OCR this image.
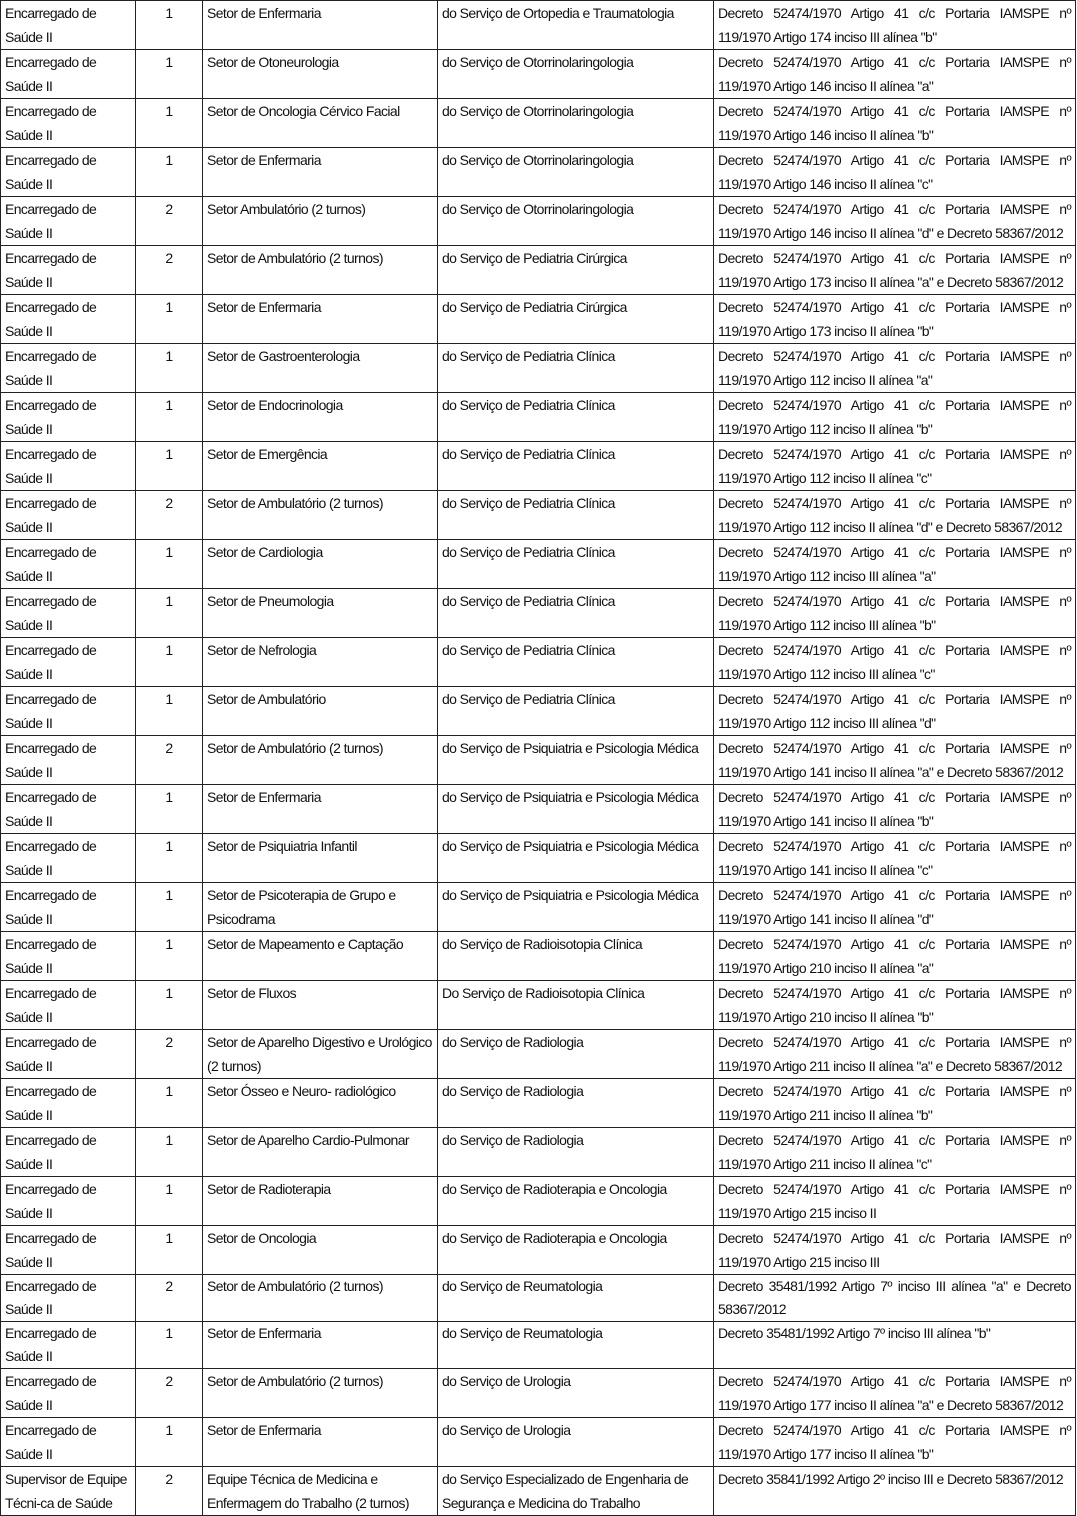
Encarregado de Saúde II	1	Setor de Enfermaria	do Serviço de Ortopedia e Traumatologia	Decreto 52474/1970 Artigo 41 c/c Portaria IAMSPE nº 119/1970 Artigo 174 inciso III alínea "b"
Encarregado de Saúde II	1	Setor de Otoneurologia	do Serviço de Otorrinolaringologia	Decreto 52474/1970 Artigo 41 c/c Portaria IAMSPE nº 119/1970 Artigo 146 inciso II alínea "a"
Encarregado de Saúde II	1	Setor de Oncologia Cérvico Facial	do Serviço de Otorrinolaringologia	Decreto 52474/1970 Artigo 41 c/c Portaria IAMSPE nº 119/1970 Artigo 146 inciso II alínea "b"
Encarregado de Saúde II	1	Setor de Enfermaria	do Serviço de Otorrinolaringologia	Decreto 52474/1970 Artigo 41 c/c Portaria IAMSPE nº 119/1970 Artigo 146 inciso II alínea "c"
Encarregado de Saúde II	2	Setor Ambulatório (2 turnos)	do Serviço de Otorrinolaringologia	Decreto 52474/1970 Artigo 41 c/c Portaria IAMSPE nº 119/1970 Artigo 146 inciso II alínea "d" e Decreto 58367/2012
Encarregado de Saúde II	2	Setor de Ambulatório (2 turnos)	do Serviço de Pediatria Cirúrgica	Decreto 52474/1970 Artigo 41 c/c Portaria IAMSPE nº 119/1970 Artigo 173 inciso II alínea "a" e Decreto 58367/2012
Encarregado de Saúde II	1	Setor de Enfermaria	do Serviço de Pediatria Cirúrgica	Decreto 52474/1970 Artigo 41 c/c Portaria IAMSPE nº 119/1970 Artigo 173 inciso II alínea "b"
Encarregado de Saúde II	1	Setor de Gastroenterologia	do Serviço de Pediatria Clínica	Decreto 52474/1970 Artigo 41 c/c Portaria IAMSPE nº 119/1970 Artigo 112 inciso II alínea "a"
Encarregado de Saúde II	1	Setor de Endocrinologia	do Serviço de Pediatria Clínica	Decreto 52474/1970 Artigo 41 c/c Portaria IAMSPE nº 119/1970 Artigo 112 inciso II alínea "b"
Encarregado de Saúde II	1	Setor de Emergência	do Serviço de Pediatria Clínica	Decreto 52474/1970 Artigo 41 c/c Portaria IAMSPE nº 119/1970 Artigo 112 inciso II alínea "c"
Encarregado de Saúde II	2	Setor de Ambulatório (2 turnos)	do Serviço de Pediatria Clínica	Decreto 52474/1970 Artigo 41 c/c Portaria IAMSPE nº 119/1970 Artigo 112 inciso II alínea "d" e Decreto 58367/2012
Encarregado de Saúde II	1	Setor de Cardiologia	do Serviço de Pediatria Clínica	Decreto 52474/1970 Artigo 41 c/c Portaria IAMSPE nº 119/1970 Artigo 112 inciso III alínea "a"
Encarregado de Saúde II	1	Setor de Pneumologia	do Serviço de Pediatria Clínica	Decreto 52474/1970 Artigo 41 c/c Portaria IAMSPE nº 119/1970 Artigo 112 inciso III alínea "b"
Encarregado de Saúde II	1	Setor de Nefrologia	do Serviço de Pediatria Clínica	Decreto 52474/1970 Artigo 41 c/c Portaria IAMSPE nº 119/1970 Artigo 112 inciso III alínea "c"
Encarregado de Saúde II	1	Setor de Ambulatório	do Serviço de Pediatria Clínica	Decreto 52474/1970 Artigo 41 c/c Portaria IAMSPE nº 119/1970 Artigo 112 inciso III alínea "d"
Encarregado de Saúde II	2	Setor de Ambulatório (2 turnos)	do Serviço de Psiquiatria e Psicologia Médica	Decreto 52474/1970 Artigo 41 c/c Portaria IAMSPE nº 119/1970 Artigo 141 inciso II alínea "a" e Decreto 58367/2012
Encarregado de Saúde II	1	Setor de Enfermaria	do Serviço de Psiquiatria e Psicologia Médica	Decreto 52474/1970 Artigo 41 c/c Portaria IAMSPE nº 119/1970 Artigo 141 inciso II alínea "b"
Encarregado de Saúde II	1	Setor de Psiquiatria Infantil	do Serviço de Psiquiatria e Psicologia Médica	Decreto 52474/1970 Artigo 41 c/c Portaria IAMSPE nº 119/1970 Artigo 141 inciso II alínea "c"
Encarregado de Saúde II	1	Setor de Psicoterapia de Grupo e Psicodrama	do Serviço de Psiquiatria e Psicologia Médica	Decreto 52474/1970 Artigo 41 c/c Portaria IAMSPE nº 119/1970 Artigo 141 inciso II alínea "d"
Encarregado de Saúde II	1	Setor de Mapeamento e Captação	do Serviço de Radioisotopia Clínica	Decreto 52474/1970 Artigo 41 c/c Portaria IAMSPE nº 119/1970 Artigo 210 inciso II alínea "a"
Encarregado de Saúde II	1	Setor de Fluxos	Do Serviço de Radioisotopia Clínica	Decreto 52474/1970 Artigo 41 c/c Portaria IAMSPE nº 119/1970 Artigo 210 inciso II alínea "b"
Encarregado de Saúde II	2	Setor de Aparelho Digestivo e Urológico (2 turnos)	do Serviço de Radiologia	Decreto 52474/1970 Artigo 41 c/c Portaria IAMSPE nº 119/1970 Artigo 211 inciso II alínea "a" e Decreto 58367/2012
Encarregado de Saúde II	1	Setor Ósseo e Neuro- radiológico	do Serviço de Radiologia	Decreto 52474/1970 Artigo 41 c/c Portaria IAMSPE nº 119/1970 Artigo 211 inciso II alínea "b"
Encarregado de Saúde II	1	Setor de Aparelho Cardio-Pulmonar	do Serviço de Radiologia	Decreto 52474/1970 Artigo 41 c/c Portaria IAMSPE nº 119/1970 Artigo 211 inciso II alínea "c"
Encarregado de Saúde II	1	Setor de Radioterapia	do Serviço de Radioterapia e Oncologia	Decreto 52474/1970 Artigo 41 c/c Portaria IAMSPE nº 119/1970 Artigo 215 inciso II
Encarregado de Saúde II	1	Setor de Oncologia	do Serviço de Radioterapia e Oncologia	Decreto 52474/1970 Artigo 41 c/c Portaria IAMSPE nº 119/1970 Artigo 215 inciso III
Encarregado de Saúde II	2	Setor de Ambulatório (2 turnos)	do Serviço de Reumatologia	Decreto 35481/1992 Artigo 7º inciso III alínea "a" e Decreto 58367/2012
Encarregado de Saúde II	1	Setor de Enfermaria	do Serviço de Reumatologia	Decreto 35481/1992 Artigo 7º inciso III alínea "b"
Encarregado de Saúde II	2	Setor de Ambulatório (2 turnos)	do Serviço de Urologia	Decreto 52474/1970 Artigo 41 c/c Portaria IAMSPE nº 119/1970 Artigo 177 inciso II alínea "a" e Decreto 58367/2012
Encarregado de Saúde II	1	Setor de Enfermaria	do Serviço de Urologia	Decreto 52474/1970 Artigo 41 c/c Portaria IAMSPE nº 119/1970 Artigo 177 inciso II alínea "b"
Supervisor de Equipe Técni-ca de Saúde	2	Equipe Técnica de Medicina e Enfermagem do Trabalho (2 turnos)	do Serviço Especializado de Engenharia de Segurança e Medicina do Trabalho	Decreto 35841/1992 Artigo 2º inciso III e Decreto 58367/2012
